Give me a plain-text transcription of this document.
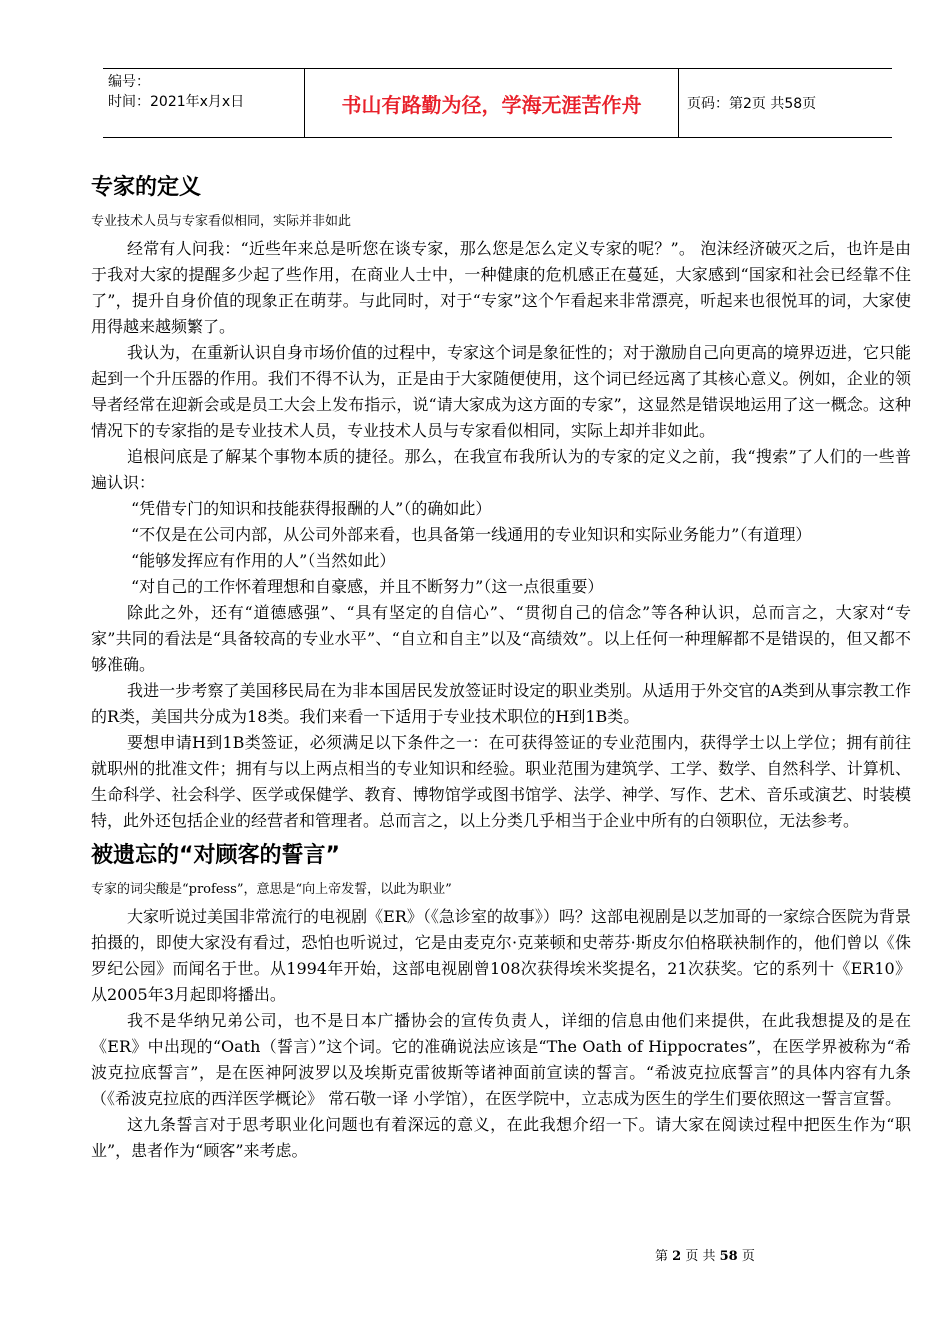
编号：
时间：2021年x月x日	书山有路勤为径，学海无涯苦作舟	页码：第2页 共58页
专家的定义
专业技术人员与专家看似相同，实际并非如此

经常有人问我：“近些年来总是听您在谈专家，那么您是怎么定义专家的呢？”。 泡沫经济破灭之后，也许是由于我对大家的提醒多少起了些作用，在商业人士中，一种健康的危机感正在蔓延，大家感到“国家和社会已经靠不住了”，提升自身价值的现象正在萌芽。与此同时，对于“专家”这个乍看起来非常漂亮，听起来也很悦耳的词，大家使用得越来越频繁了。

我认为，在重新认识自身市场价值的过程中，专家这个词是象征性的；对于激励自己向更高的境界迈进，它只能起到一个升压器的作用。我们不得不认为，正是由于大家随便使用，这个词已经远离了其核心意义。例如，企业的领导者经常在迎新会或是员工大会上发布指示，说“请大家成为这方面的专家”，这显然是错误地运用了这一概念。这种情况下的专家指的是专业技术人员，专业技术人员与专家看似相同，实际上却并非如此。

追根问底是了解某个事物本质的捷径。那么，在我宣布我所认为的专家的定义之前，我“搜索”了人们的一些普遍认识：

“凭借专门的知识和技能获得报酬的人”（的确如此）

“不仅是在公司内部，从公司外部来看，也具备第一线通用的专业知识和实际业务能力”（有道理）

“能够发挥应有作用的人”（当然如此）

“对自己的工作怀着理想和自豪感，并且不断努力”（这一点很重要）

除此之外，还有“道德感强”、“具有坚定的自信心”、“贯彻自己的信念”等各种认识，总而言之，大家对“专家”共同的看法是“具备较高的专业水平”、“自立和自主”以及“高绩效”。以上任何一种理解都不是错误的，但又都不够准确。

我进一步考察了美国移民局在为非本国居民发放签证时设定的职业类别。从适用于外交官的A类到从事宗教工作的R类，美国共分成为18类。我们来看一下适用于专业技术职位的H到1B类。

要想申请H到1B类签证，必须满足以下条件之一：在可获得签证的专业范围内，获得学士以上学位；拥有前往就职州的批准文件；拥有与以上两点相当的专业知识和经验。职业范围为建筑学、工学、数学、自然科学、计算机、生命科学、社会科学、医学或保健学、教育、博物馆学或图书馆学、法学、神学、写作、艺术、音乐或演艺、时装模特，此外还包括企业的经营者和管理者。总而言之，以上分类几乎相当于企业中所有的白领职位，无法参考。

被遗忘的“对顾客的誓言”
专家的词尖酸是“profess”，意思是“向上帝发誓，以此为职业”

大家听说过美国非常流行的电视剧《ER》（《急诊室的故事》）吗？这部电视剧是以芝加哥的一家综合医院为背景拍摄的，即使大家没有看过，恐怕也听说过，它是由麦克尔·克莱顿和史蒂芬·斯皮尔伯格联袂制作的，他们曾以《侏罗纪公园》而闻名于世。从1994年开始，这部电视剧曾108次获得埃米奖提名，21次获奖。它的系列十《ER10》从2005年3月起即将播出。

我不是华纳兄弟公司，也不是日本广播协会的宣传负责人，详细的信息由他们来提供，在此我想提及的是在《ER》中出现的“Oath（誓言）”这个词。它的准确说法应该是“The Oath of Hippocrates”，在医学界被称为“希波克拉底誓言”，是在医神阿波罗以及埃斯克雷彼斯等诸神面前宣读的誓言。“希波克拉底誓言”的具体内容有九条（《希波克拉底的西洋医学概论》 常石敬一译 小学馆），在医学院中，立志成为医生的学生们要依照这一誓言宣誓。

这九条誓言对于思考职业化问题也有着深远的意义，在此我想介绍一下。请大家在阅读过程中把医生作为“职业”，患者作为“顾客”来考虑。

第 2 页 共 58 页
